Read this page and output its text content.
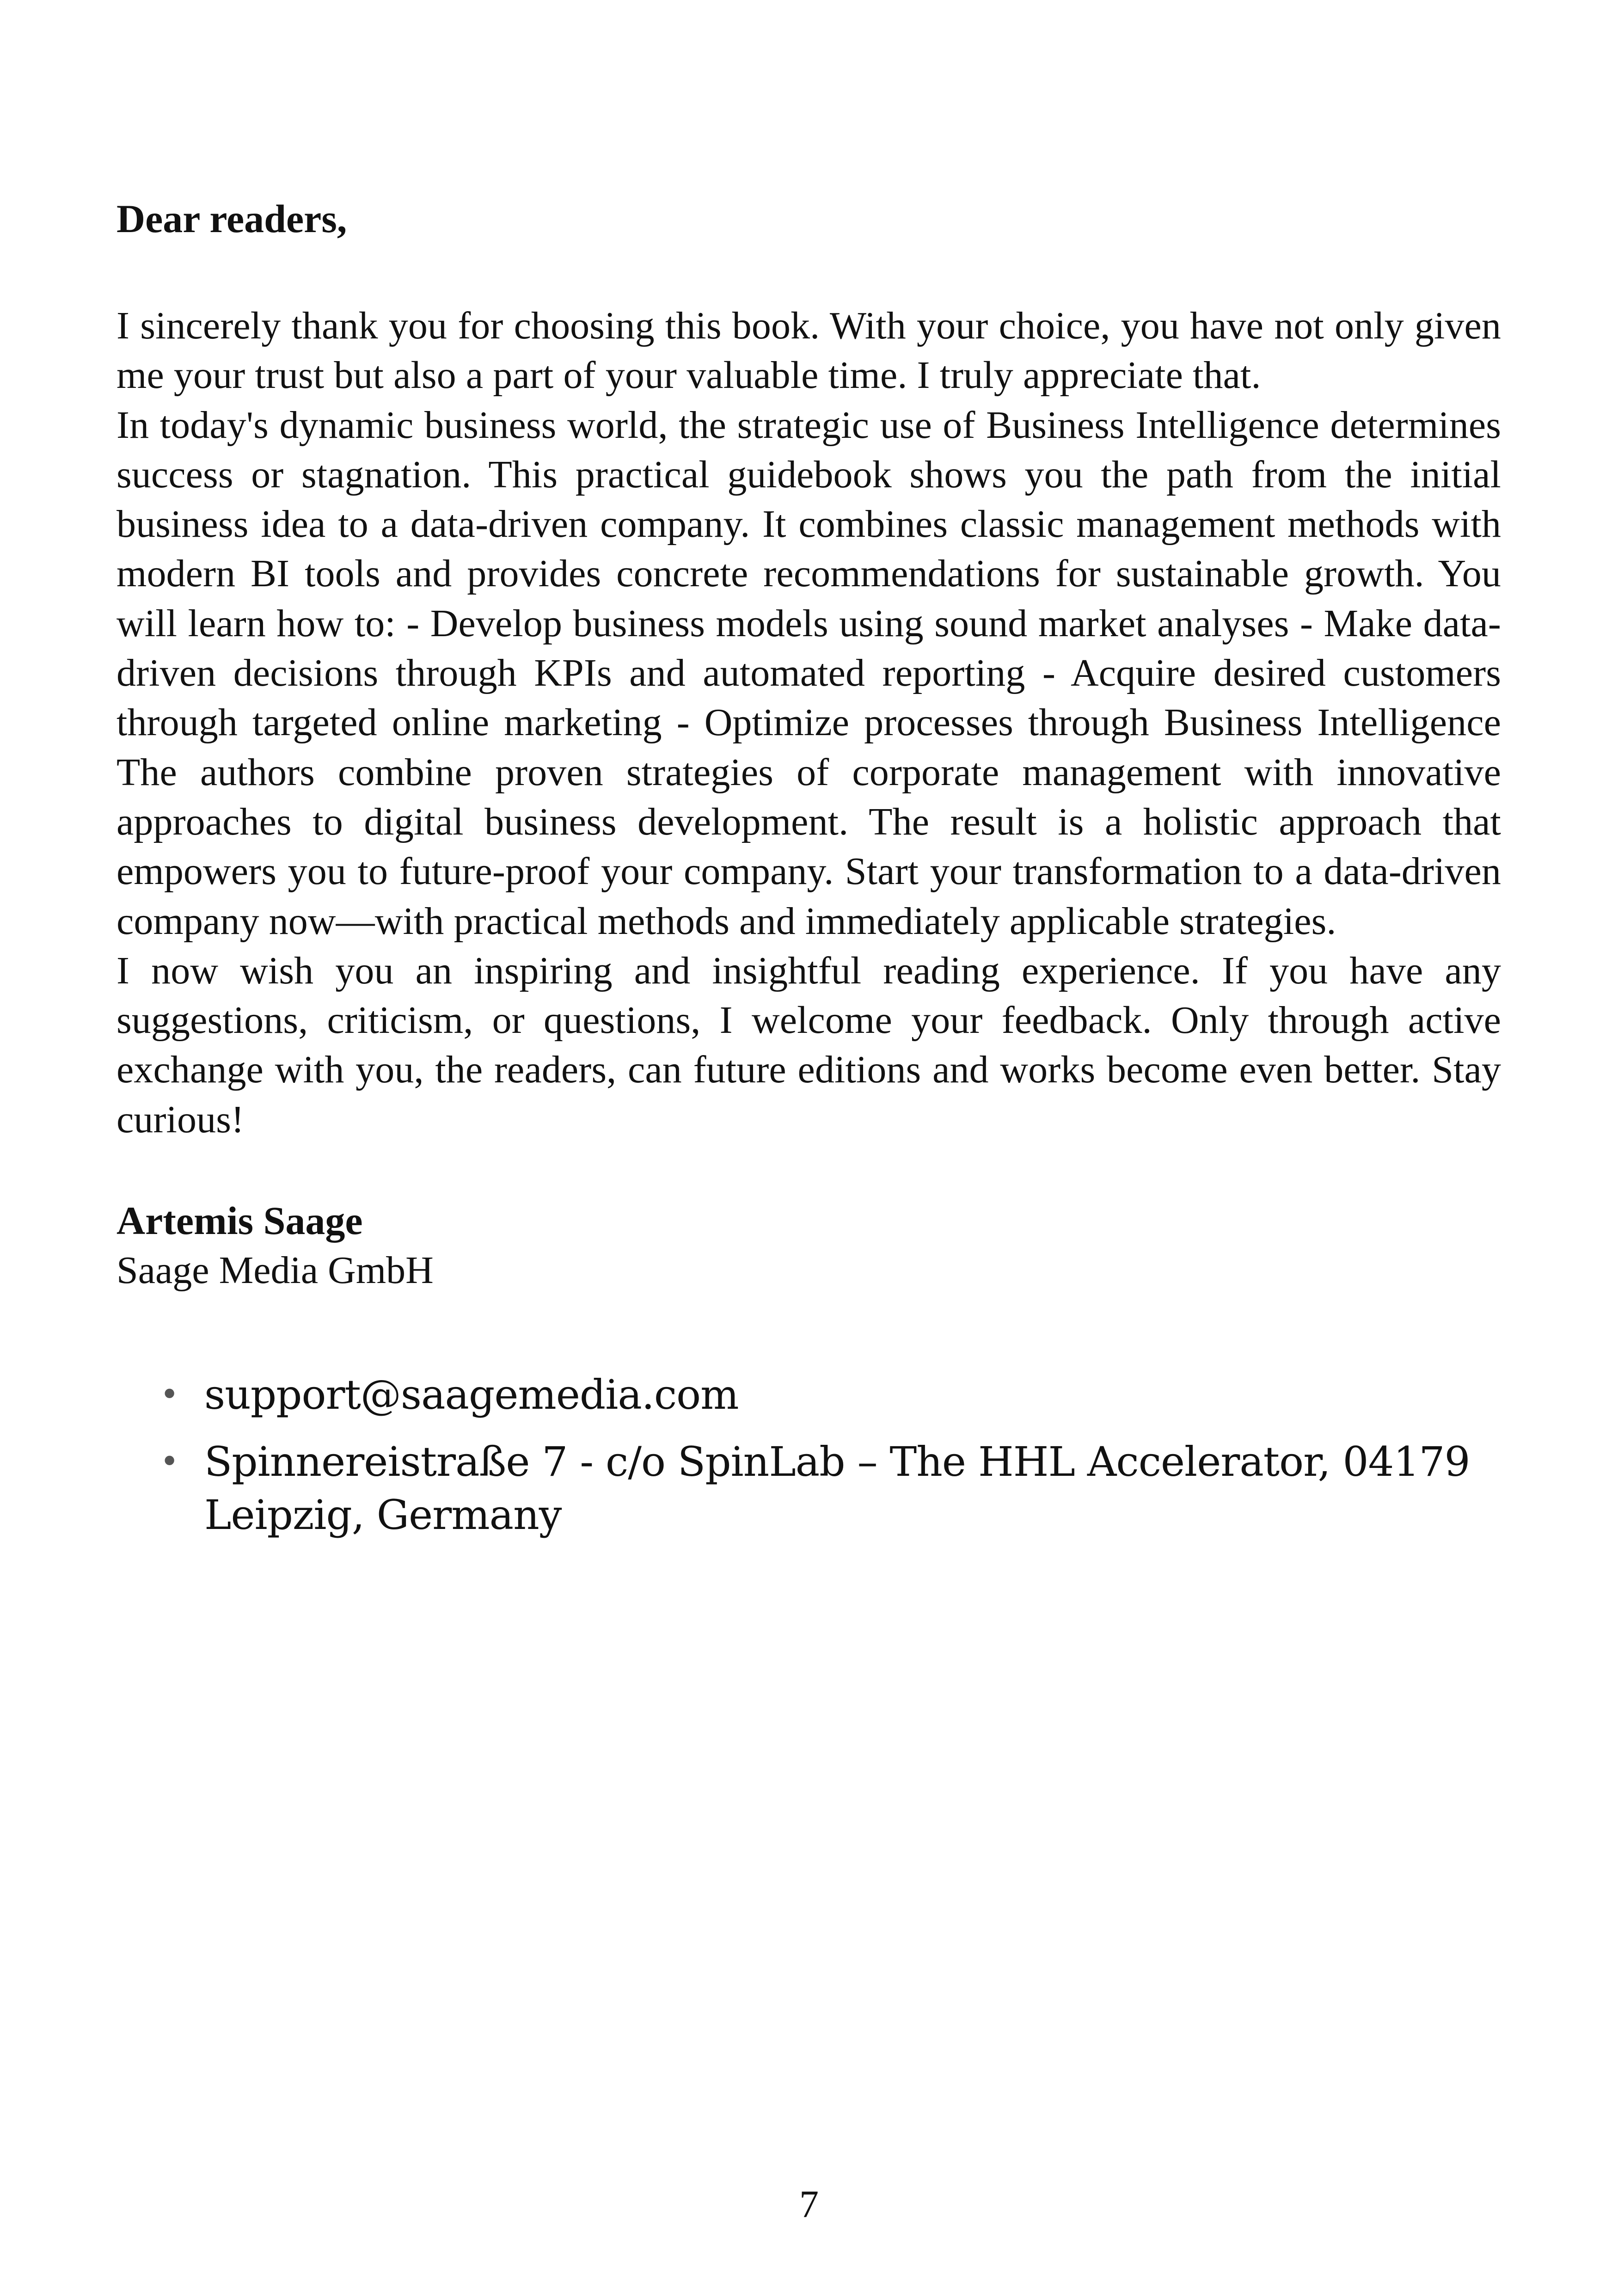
Dear readers,

I sincerely thank you for choosing this book. With your choice, you have not only given me your trust but also a part of your valuable time. I truly appreciate that.

In today's dynamic business world, the strategic use of Business Intelligence determines success or stagnation. This practical guidebook shows you the path from the initial business idea to a data-driven company. It combines classic management methods with modern BI tools and provides concrete recommendations for sustainable growth. You will learn how to: - Develop business models using sound market analyses - Make data-driven decisions through KPIs and automated reporting - Acquire desired customers through targeted online marketing - Optimize processes through Business Intelligence The authors combine proven strategies of corporate management with innovative approaches to digital business development. The result is a holistic approach that empowers you to future-proof your company. Start your transformation to a data-driven company now—with practical methods and immediately applicable strategies.

I now wish you an inspiring and insightful reading experience. If you have any suggestions, criticism, or questions, I welcome your feedback. Only through active exchange with you, the readers, can future editions and works become even better. Stay curious!

Artemis Saage
Saage Media GmbH
• support@saagemedia.com
• Spinnereistraße 7 - c/o SpinLab – The HHL Accelerator, 04179 Leipzig, Germany
7
